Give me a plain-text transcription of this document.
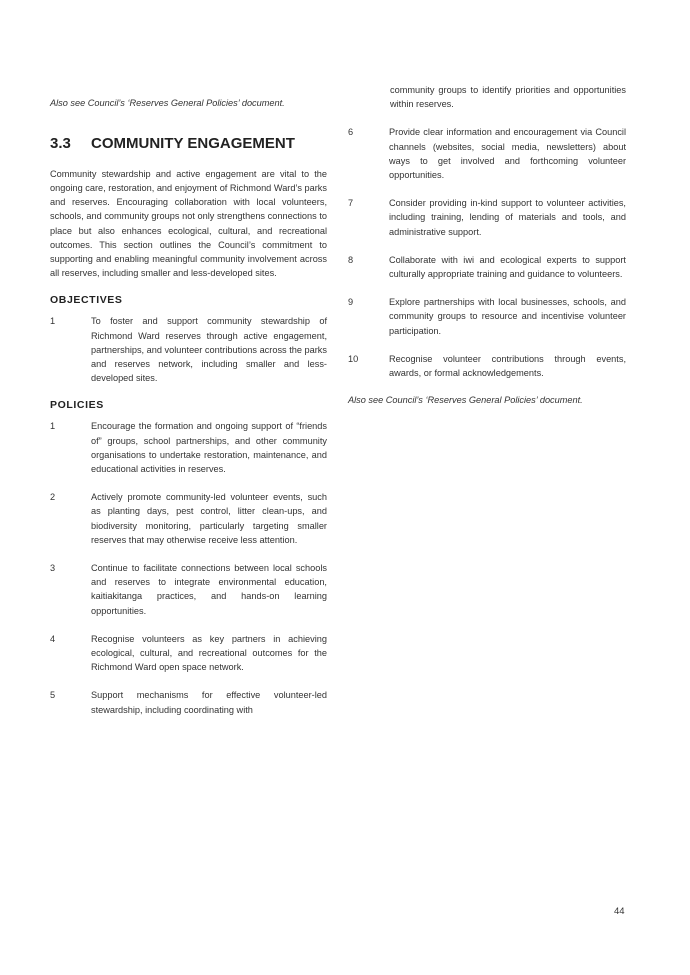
Also see Council’s ‘Reserves General Policies’ document.

3.3	COMMUNITY ENGAGEMENT
Community stewardship and active engagement are vital to the ongoing care, restoration, and enjoyment of Richmond Ward’s parks and reserves. Encouraging collaboration with local volunteers, schools, and community groups not only strengthens connections to place but also enhances ecological, cultural, and recreational outcomes. This section outlines the Council’s commitment to supporting and enabling meaningful community involvement across all reserves, including smaller and less-developed sites.
OBJECTIVES
1	To foster and support community stewardship of Richmond Ward reserves through active engagement, partnerships, and volunteer contributions across the parks and reserves network, including smaller and less-developed sites.
POLICIES
1	Encourage the formation and ongoing support of “friends of” groups, school partnerships, and other community organisations to undertake restoration, maintenance, and educational activities in reserves.
2	Actively promote community-led volunteer events, such as planting days, pest control, litter clean-ups, and biodiversity monitoring, particularly targeting smaller reserves that may otherwise receive less attention.
3	Continue to facilitate connections between local schools and reserves to integrate environmental education, kaitiakitanga practices, and hands-on learning opportunities.
4	Recognise volunteers as key partners in achieving ecological, cultural, and recreational outcomes for the Richmond Ward open space network.
5	Support mechanisms for effective volunteer-led stewardship, including coordinating with
community groups to identify priorities and opportunities within reserves.
6	Provide clear information and encouragement via Council channels (websites, social media, newsletters) about ways to get involved and forthcoming volunteer opportunities.
7	Consider providing in-kind support to volunteer activities, including training, lending of materials and tools, and administrative support.
8	Collaborate with iwi and ecological experts to support culturally appropriate training and guidance to volunteers.
9	Explore partnerships with local businesses, schools, and community groups to resource and incentivise volunteer participation.
10	Recognise volunteer contributions through events, awards, or formal acknowledgements.

Also see Council’s ‘Reserves General Policies’ document.

44
